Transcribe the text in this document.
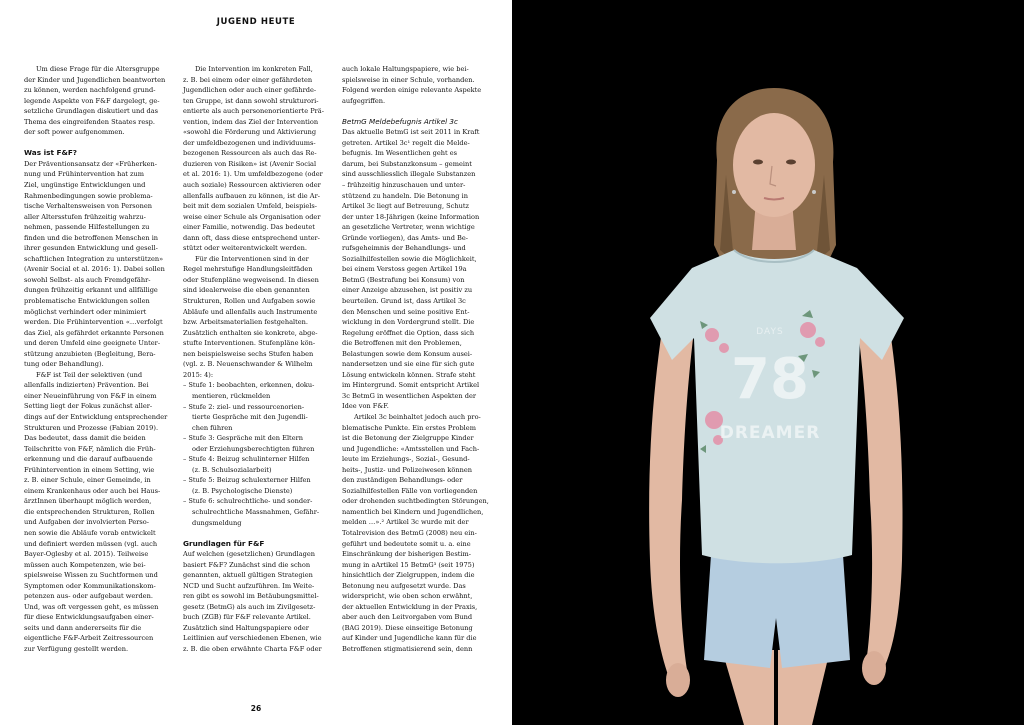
JUGEND HEUTE

Um diese Frage für die Altersgruppe
der Kinder und Jugendlichen beantworten
zu können, werden nachfolgend grund-
legende Aspekte von F&F dargelegt, ge-
setzliche Grundlagen diskutiert und das
Thema des eingreifenden Staates resp.
der soft power aufgenommen.

Was ist F&F?

Der Präventionsansatz der «Früherken-
nung und Frühintervention hat zum
Ziel, ungünstige Entwicklungen und
Rahmenbedingungen sowie problema-
tische Verhaltensweisen von Personen
aller Altersstufen frühzeitig wahrzu-
nehmen, passende Hilfestellungen zu
finden und die betroffenen Menschen in
ihrer gesunden Entwicklung und gesell-
schaftlichen Integration zu unterstützen»
(Avenir Social et al. 2016: 1). Dabei sollen
sowohl Selbst- als auch Fremdgefähr-
dungen frühzeitig erkannt und allfällige
problematische Entwicklungen sollen
möglichst verhindert oder minimiert
werden. Die Frühintervention «…verfolgt
das Ziel, als gefährdet erkannte Personen
und deren Umfeld eine geeignete Unter-
stützung anzubieten (Begleitung, Bera-
tung oder Behandlung).

F&F ist Teil der selektiven (und
allenfalls indizierten) Prävention. Bei
einer Neueinführung von F&F in einem
Setting liegt der Fokus zunächst aller-
dings auf der Entwicklung entsprechender
Strukturen und Prozesse (Fabian 2019).
Das bedeutet, dass damit die beiden
Teilschritte von F&F, nämlich die Früh-
erkennung und die darauf aufbauende
Frühintervention in einem Setting, wie
z. B. einer Schule, einer Gemeinde, in
einem Krankenhaus oder auch bei Haus-
ärztInnen überhaupt möglich werden,
die entsprechenden Strukturen, Rollen
und Aufgaben der involvierten Perso-
nen sowie die Abläufe vorab entwickelt
und definiert werden müssen (vgl. auch
Bayer-Oglesby et al. 2015). Teilweise
müssen auch Kompetenzen, wie bei-
spielsweise Wissen zu Suchtformen und
Symptomen oder Kommunikationskom-
petenzen aus- oder aufgebaut werden.
Und, was oft vergessen geht, es müssen
für diese Entwicklungsaufgaben einer-
seits und dann andererseits für die
eigentliche F&F-Arbeit Zeitressourcen
zur Verfügung gestellt werden.

Die Intervention im konkreten Fall,
z. B. bei einem oder einer gefährdeten
Jugendlichen oder auch einer gefährde-
ten Gruppe, ist dann sowohl strukturori-
entierte als auch personenorientierte Prä-
vention, indem das Ziel der Intervention
«sowohl die Förderung und Aktivierung
der umfeldbezogenen und individuums-
bezogenen Ressourcen als auch das Re-
duzieren von Risiken» ist (Avenir Social
et al. 2016: 1). Um umfeldbezogene (oder
auch soziale) Ressourcen aktivieren oder
allenfalls aufbauen zu können, ist die Ar-
beit mit dem sozialen Umfeld, beispiels-
weise einer Schule als Organisation oder
einer Familie, notwendig. Das bedeutet
dann oft, dass diese entsprechend unter-
stützt oder weiterentwickelt werden.

Für die Interventionen sind in der
Regel mehrstufige Handlungsleitfäden
oder Stufenpläne wegweisend. In diesen
sind idealerweise die eben genannten
Strukturen, Rollen und Aufgaben sowie
Abläufe und allenfalls auch Instrumente
bzw. Arbeitsmaterialien festgehalten.
Zusätzlich enthalten sie konkrete, abge-
stufte Interventionen. Stufenpläne kön-
nen beispielsweise sechs Stufen haben
(vgl. z. B. Neuenschwander & Wilhelm
2015: 4):

– Stufe 1: beobachten, erkennen, doku-
mentieren, rückmelden
– Stufe 2: ziel- und ressourcenorien-
tierte Gespräche mit den Jugendli-
chen führen
– Stufe 3: Gespräche mit den Eltern
oder Erziehungsberechtigten führen
– Stufe 4: Beizug schulinterner Hilfen
(z. B. Schulsozialarbeit)
– Stufe 5: Beizug schulexterner Hilfen
(z. B. Psychologische Dienste)
– Stufe 6: schulrechtliche- und sonder-
schulrechtliche Massnahmen, Gefähr-
dungsmeldung
Grundlagen für F&F

Auf welchen (gesetzlichen) Grundlagen
basiert F&F? Zunächst sind die schon
genannten, aktuell gültigen Strategien
NCD und Sucht aufzuführen. Im Weite-
ren gibt es sowohl im Betäubungsmittel-
gesetz (BetmG) als auch im Zivilgesetz-
buch (ZGB) für F&F relevante Artikel.
Zusätzlich sind Haltungspapiere oder
Leitlinien auf verschiedenen Ebenen, wie
z. B. die oben erwähnte Charta F&F oder

auch lokale Haltungspapiere, wie bei-
spielsweise in einer Schule, vorhanden.
Folgend werden einige relevante Aspekte
aufgegriffen.

BetmG Meldebefugnis Artikel 3c

Das aktuelle BetmG ist seit 2011 in Kraft
getreten. Artikel 3c¹ regelt die Melde-
befugnis. Im Wesentlichen geht es
darum, bei Substanzkonsum – gemeint
sind ausschliesslich illegale Substanzen
– frühzeitig hinzuschauen und unter-
stützend zu handeln. Die Betonung in
Artikel 3c liegt auf Betreuung, Schutz
der unter 18-Jährigen (keine Information
an gesetzliche Vertreter, wenn wichtige
Gründe vorliegen), das Amts- und Be-
rufsgeheimnis der Behandlungs- und
Sozialhilfestellen sowie die Möglichkeit,
bei einem Verstoss gegen Artikel 19a
BetmG (Bestrafung bei Konsum) von
einer Anzeige abzusehen, ist positiv zu
beurteilen. Grund ist, dass Artikel 3c
den Menschen und seine positive Ent-
wicklung in den Vordergrund stellt. Die
Regelung eröffnet die Option, dass sich
die Betroffenen mit den Problemen,
Belastungen sowie dem Konsum ausei-
nandersetzen und sie eine für sich gute
Lösung entwickeln können. Strafe steht
im Hintergrund. Somit entspricht Artikel
3c BetmG in wesentlichen Aspekten der
Idee von F&F.

Artikel 3c beinhaltet jedoch auch pro-
blematische Punkte. Ein erstes Problem
ist die Betonung der Zielgruppe Kinder
und Jugendliche: «Amtsstellen und Fach-
leute im Erziehungs-, Sozial-, Gesund-
heits-, Justiz- und Polizeiwesen können
den zuständigen Behandlungs- oder
Sozialhilfestellen Fälle von vorliegenden
oder drohenden suchtbedingten Störungen,
namentlich bei Kindern und Jugendlichen,
melden …».² Artikel 3c wurde mit der
Totalrevision des BetmG (2008) neu ein-
geführt und bedeutete somit u. a. eine
Einschränkung der bisherigen Bestim-
mung in aArtikel 15 BetmG³ (seit 1975)
hinsichtlich der Zielgruppen, indem die
Betonung neu aufgesetzt wurde. Das
widerspricht, wie oben schon erwähnt,
der aktuellen Entwicklung in der Praxis,
aber auch den Leitvorgaben vom Bund
(BAG 2019). Diese einseitige Betonung
auf Kinder und Jugendliche kann für die
Betroffenen stigmatisierend sein, denn

26
78
DREAMER
DAYS
